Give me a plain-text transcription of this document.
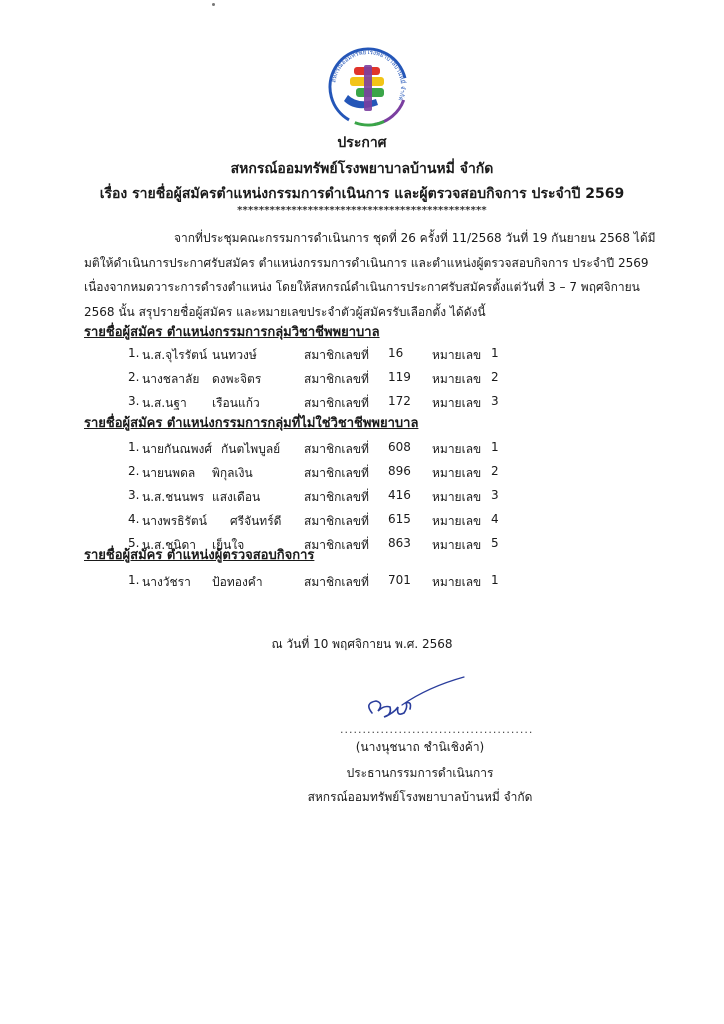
สหกรณ์ออมทรัพย์โรงพยาบาลบ้านหมี่ จำกัด
ประกาศ
สหกรณ์ออมทรัพย์โรงพยาบาลบ้านหมี่ จำกัด
เรื่อง รายชื่อผู้สมัครตำแหน่งกรรมการดำเนินการ และผู้ตรวจสอบกิจการ ประจำปี 2569
**********************************************
จากที่ประชุมคณะกรรมการดำเนินการ ชุดที่ 26 ครั้งที่ 11/2568 วันที่ 19 กันยายน 2568 ได้มี
มติให้ดำเนินการประกาศรับสมัคร ตำแหน่งกรรมการดำเนินการ และตำแหน่งผู้ตรวจสอบกิจการ ประจำปี 2569
เนื่องจากหมดวาระการดำรงตำแหน่ง โดยให้สหกรณ์ดำเนินการประกาศรับสมัครตั้งแต่วันที่ 3 – 7 พฤศจิกายน
2568 นั้น สรุปรายชื่อผู้สมัคร และหมายเลขประจำตัวผู้สมัครรับเลือกตั้ง ได้ดังนี้
รายชื่อผู้สมัคร ตำแหน่งกรรมการกลุ่มวิชาชีพพยาบาล
1. น.ส.จุไรรัตน์ นนทวงษ์	สมาชิกเลขที่ 16 หมายเลข 1
2. นางชลาลัย ดงพะจิตร	สมาชิกเลขที่ 119 หมายเลข 2
3. น.ส.นฐา เรือนแก้ว	สมาชิกเลขที่ 172 หมายเลข 3
รายชื่อผู้สมัคร ตำแหน่งกรรมการกลุ่มที่ไม่ใช่วิชาชีพพยาบาล
1. นายกันณพงศ์ กันตไพบูลย์ สมาชิกเลขที่ 608 หมายเลข 1
2. นายนพดล พิกุลเงิน	สมาชิกเลขที่ 896 หมายเลข 2
3. น.ส.ชนนพร แสงเดือน	สมาชิกเลขที่ 416 หมายเลข 3
4. นางพรธิรัตน์ ศรีจันทร์ดี สมาชิกเลขที่ 615 หมายเลข 4
5. น.ส.ชนิดา เย็นใจ	สมาชิกเลขที่ 863 หมายเลข 5
รายชื่อผู้สมัคร ตำแหน่งผู้ตรวจสอบกิจการ
1. นางวัชรา ป้อทองคำ	สมาชิกเลขที่ 701 หมายเลข 1
ณ วันที่ 10 พฤศจิกายน พ.ศ. 2568
...........................................
(นางนุชนาถ ชำนิเชิงค้า)
ประธานกรรมการดำเนินการ
สหกรณ์ออมทรัพย์โรงพยาบาลบ้านหมี่ จำกัด
